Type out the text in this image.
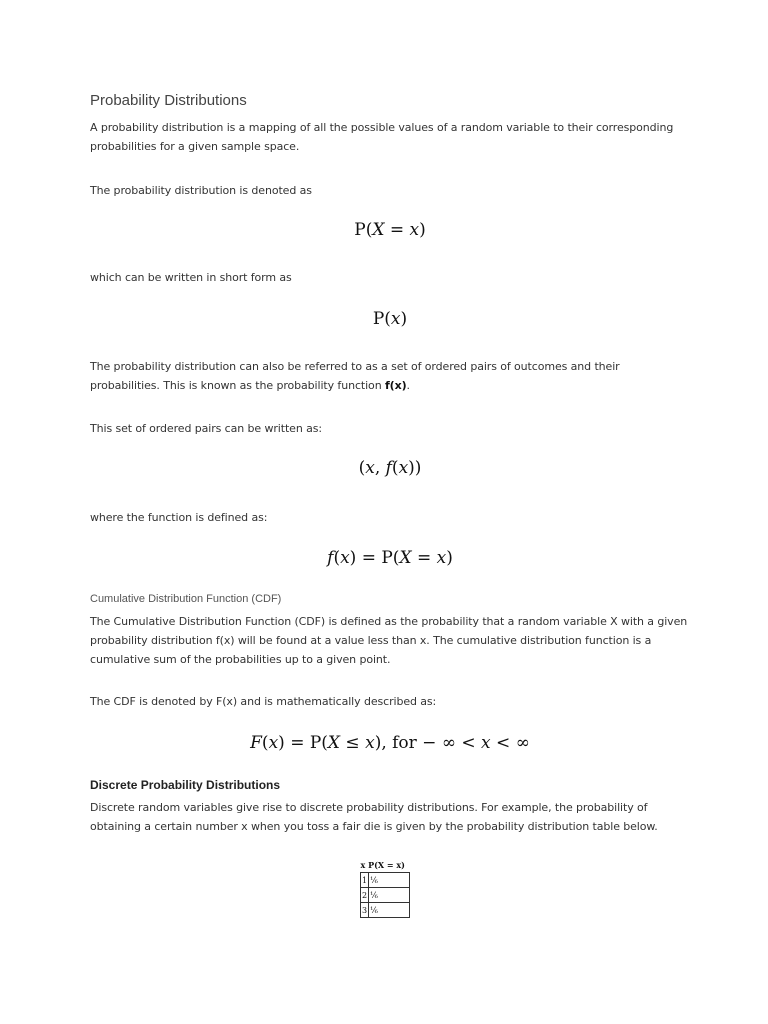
Probability Distributions

A probability distribution is a mapping of all the possible values of a random variable to their corresponding probabilities for a given sample space.

The probability distribution is denoted as

P(X = x)

which can be written in short form as

P(x)

The probability distribution can also be referred to as a set of ordered pairs of outcomes and their probabilities. This is known as the probability function f(x).

This set of ordered pairs can be written as:

(x, f(x))

where the function is defined as:

f(x) = P(X = x)
Cumulative Distribution Function (CDF)

The Cumulative Distribution Function (CDF) is defined as the probability that a random variable X with a given probability distribution f(x) will be found at a value less than x. The cumulative distribution function is a cumulative sum of the probabilities up to a given point.

The CDF is denoted by F(x) and is mathematically described as:

F(x) = P(X ≤ x), for − ∞ < x < ∞
Discrete Probability Distributions

Discrete random variables give rise to discrete probability distributions. For example, the probability of obtaining a certain number x when you toss a fair die is given by the probability distribution table below.

x P(X = x)	
1	⅙
2	⅙
3	⅙
